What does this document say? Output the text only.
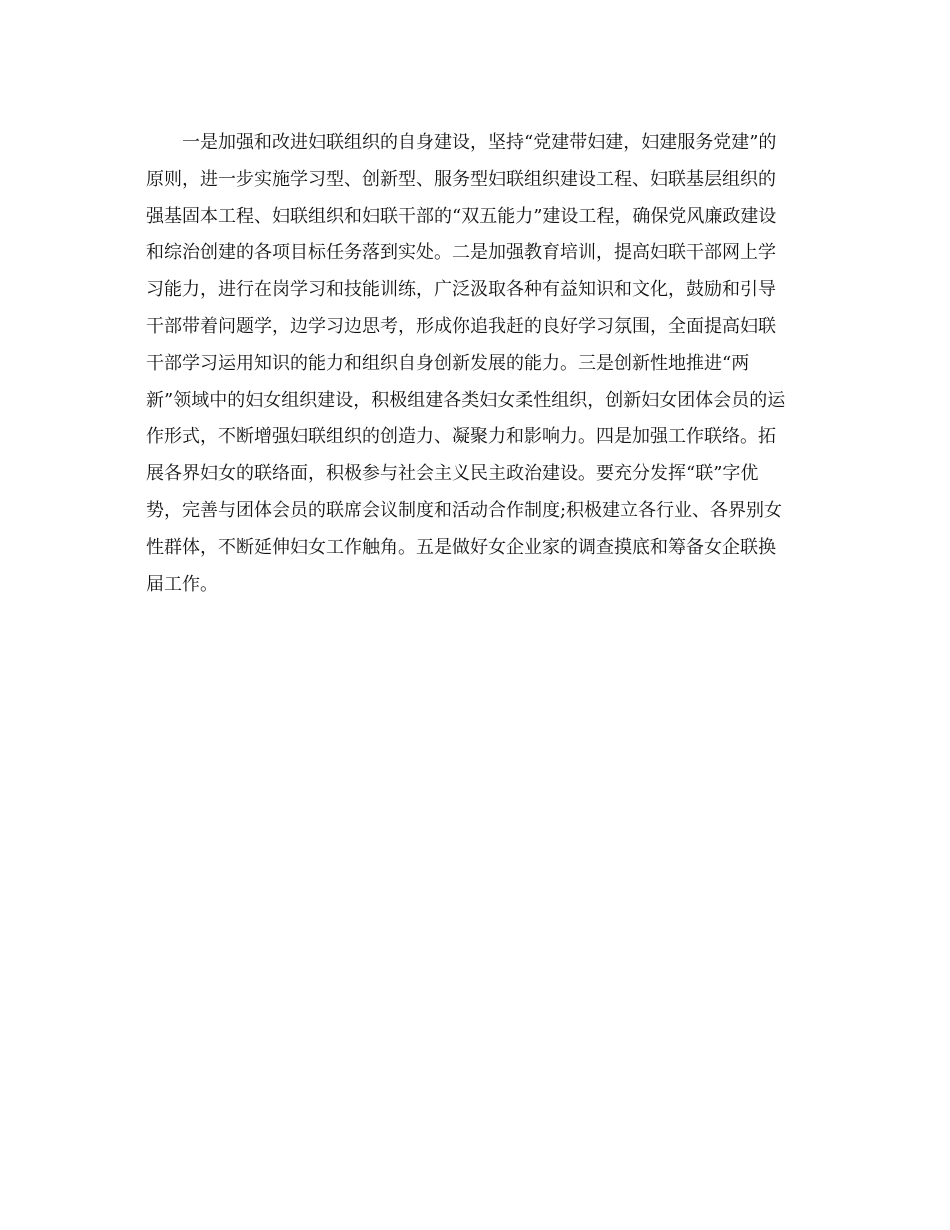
一是加强和改进妇联组织的自身建设，坚持“党建带妇建，妇建服务党建”的
原则，进一步实施学习型、创新型、服务型妇联组织建设工程、妇联基层组织的
强基固本工程、妇联组织和妇联干部的“双五能力”建设工程，确保党风廉政建设
和综治创建的各项目标任务落到实处。二是加强教育培训，提高妇联干部网上学
习能力，进行在岗学习和技能训练，广泛汲取各种有益知识和文化，鼓励和引导
干部带着问题学，边学习边思考，形成你追我赶的良好学习氛围，全面提高妇联
干部学习运用知识的能力和组织自身创新发展的能力。三是创新性地推进“两
新”领域中的妇女组织建设，积极组建各类妇女柔性组织，创新妇女团体会员的运
作形式，不断增强妇联组织的创造力、凝聚力和影响力。四是加强工作联络。拓
展各界妇女的联络面，积极参与社会主义民主政治建设。要充分发挥“联”字优
势，完善与团体会员的联席会议制度和活动合作制度;积极建立各行业、各界别女
性群体，不断延伸妇女工作触角。五是做好女企业家的调查摸底和筹备女企联换
届工作。
